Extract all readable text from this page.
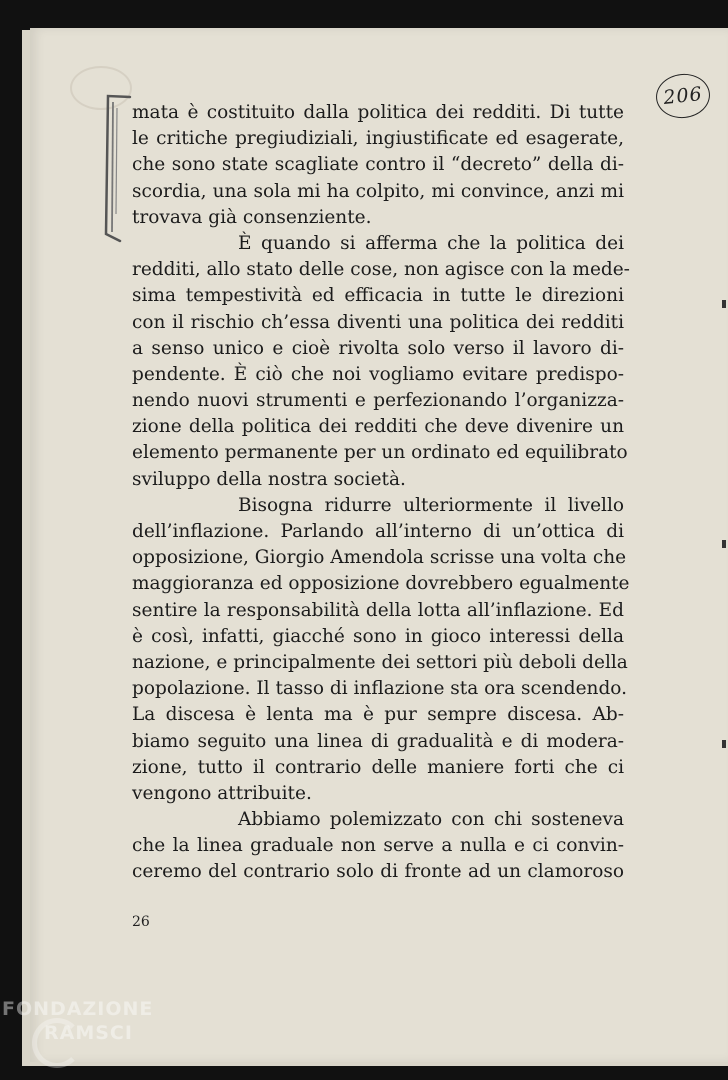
206
mata è costituito dalla politica dei redditi. Di tutte
le critiche pregiudiziali, ingiustificate ed esagerate,
che sono state scagliate contro il “decreto” della di-
scordia, una sola mi ha colpito, mi convince, anzi mi
trovava già consenziente.
È quando si afferma che la politica dei
redditi, allo stato delle cose, non agisce con la mede-
sima tempestività ed efficacia in tutte le direzioni
con il rischio ch’essa diventi una politica dei redditi
a senso unico e cioè rivolta solo verso il lavoro di-
pendente. È ciò che noi vogliamo evitare predispo-
nendo nuovi strumenti e perfezionando l’organizza-
zione della politica dei redditi che deve divenire un
elemento permanente per un ordinato ed equilibrato
sviluppo della nostra società.
Bisogna ridurre ulteriormente il livello
dell’inflazione. Parlando all’interno di un’ottica di
opposizione, Giorgio Amendola scrisse una volta che
maggioranza ed opposizione dovrebbero egualmente
sentire la responsabilità della lotta all’inflazione. Ed
è così, infatti, giacché sono in gioco interessi della
nazione, e principalmente dei settori più deboli della
popolazione. Il tasso di inflazione sta ora scendendo.
La discesa è lenta ma è pur sempre discesa. Ab-
biamo seguito una linea di gradualità e di modera-
zione, tutto il contrario delle maniere forti che ci
vengono attribuite.
Abbiamo polemizzato con chi sosteneva
che la linea graduale non serve a nulla e ci convin-
ceremo del contrario solo di fronte ad un clamoroso
26
FONDAZIONE
RAMSCI
